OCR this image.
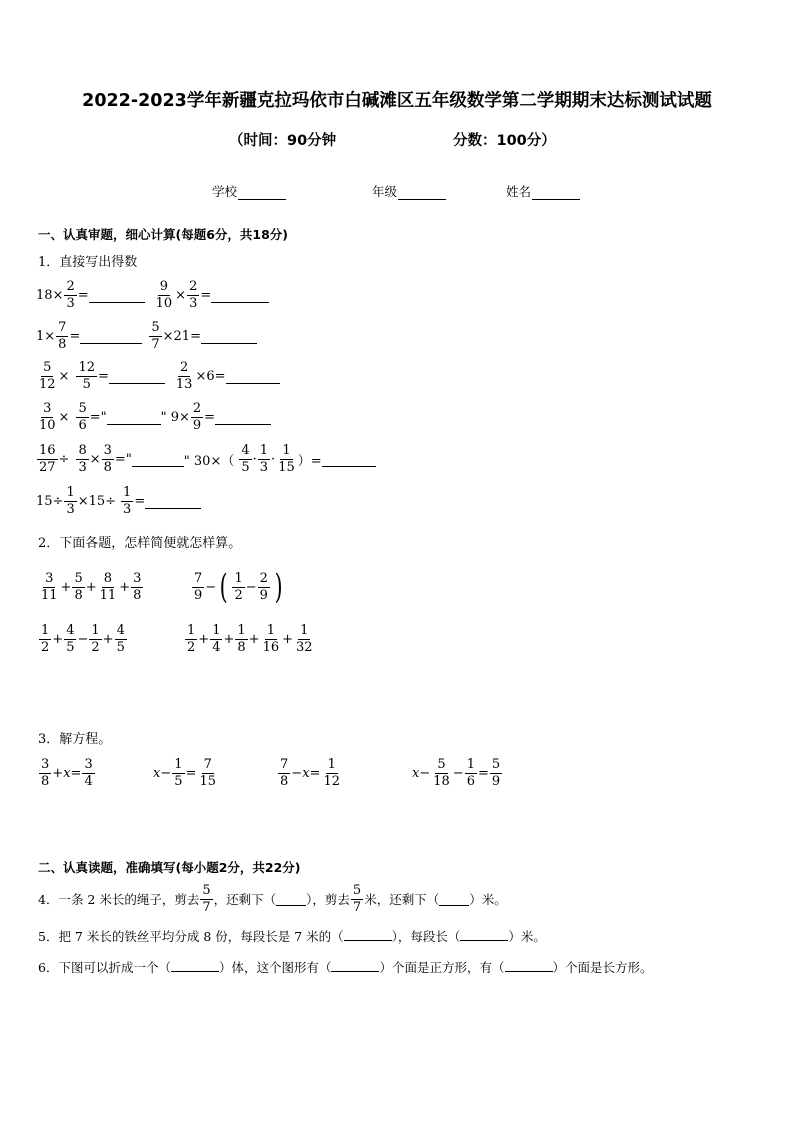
2022-2023学年新疆克拉玛依市白碱滩区五年级数学第二学期期末达标测试试题
（时间：90分钟	分数：100分）
学校	年级	姓名
一、认真审题，细心计算(每题6分，共18分)
1．直接写出得数
$18\times \frac{2}{3}$ =	$\frac{9}{10} \times \frac{2}{3}$ =
$1\times \frac{7}{8}$ =	$\frac{5}{7} \times 21=$
$\frac{5}{12} \times \frac{12}{5}$ =	$\frac{2}{13} \times 6=$
$\frac{3}{10} \times \frac{5}{6}$ ="	" $9\times \frac{2}{9}$ =
$\frac{16}{27} \div \frac{8}{3} \times \frac{3}{8}$ ="	" $30\times( \frac{4}{5} \cdot \frac{1}{3} \cdot \frac{1}{15}$ ）=
$15\div \frac{1}{3} \times 15\div \frac{1}{3}$ =
2．下面各题，怎样简便就怎样算。
$\frac{3}{11} + \frac{5}{8} + \frac{8}{11} + \frac{3}{8}$	$\frac{7}{9}$ − ( $\frac{1}{2} - \frac{2}{9}$ )
$\frac{1}{2} + \frac{4}{5} - \frac{1}{2} + \frac{4}{5}$	$\frac{1}{2} + \frac{1}{4} + \frac{1}{8} + \frac{1}{16} + \frac{1}{32}$
3．解方程。
$\frac{3}{8} + x = \frac{3}{4}$	$x - \frac{1}{5} = \frac{7}{15}$	$\frac{7}{8} - x = \frac{1}{12}$	$x - \frac{5}{18} - \frac{1}{6} = \frac{5}{9}$
二、认真读题，准确填写(每小题2分，共22分)
4．一条 2 米长的绳子，剪去 $\frac{5}{7}$ ，还剩下（ ），剪去 $\frac{5}{7}$ 米，还剩下（ ）米。
5．把 7 米长的铁丝平均分成 8 份，每段长是 7 米的（	），每段长（	）米。
6．下图可以折成一个（	）体，这个图形有（	）个面是正方形，有（	）个面是长方形。
